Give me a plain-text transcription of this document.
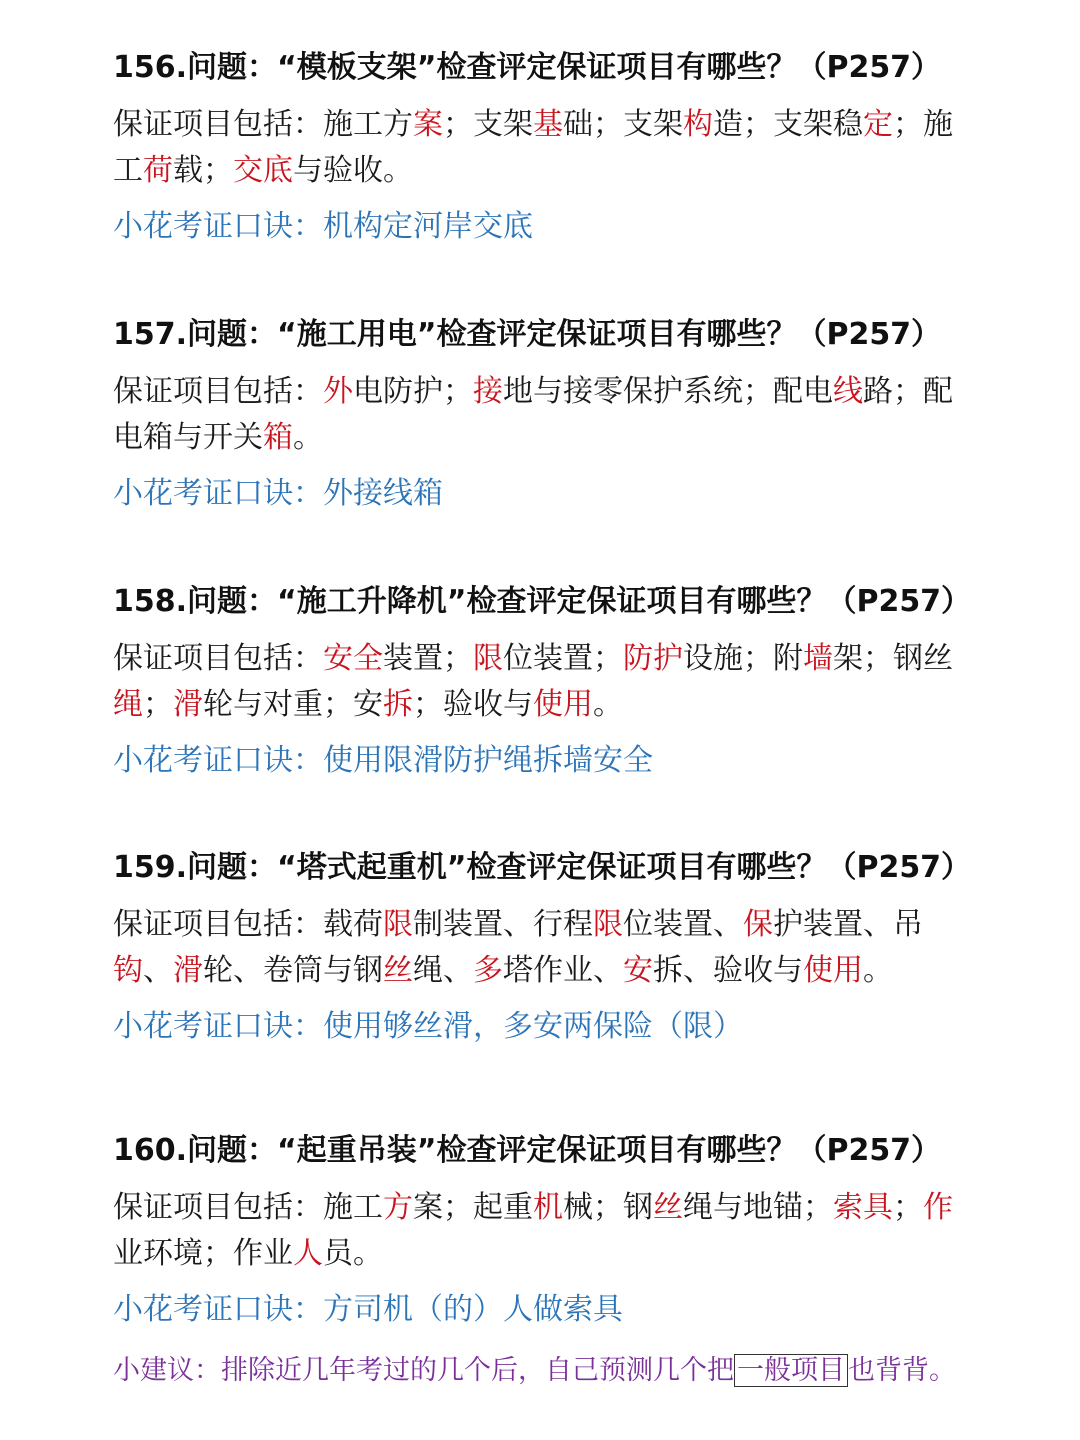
156.问题：“模板支架”检查评定保证项目有哪些？（P257）
保证项目包括：施工方案；支架基础；支架构造；支架稳定；施工荷载；交底与验收。
小花考证口诀：机构定河岸交底
157.问题：“施工用电”检查评定保证项目有哪些？（P257）
保证项目包括：外电防护；接地与接零保护系统；配电线路；配电箱与开关箱。
小花考证口诀：外接线箱
158.问题：“施工升降机”检查评定保证项目有哪些？（P257）
保证项目包括：安全装置；限位装置；防护设施；附墙架；钢丝绳；滑轮与对重；安拆；验收与使用。
小花考证口诀：使用限滑防护绳拆墙安全
159.问题：“塔式起重机”检查评定保证项目有哪些？（P257）
保证项目包括：载荷限制装置、行程限位装置、保护装置、吊钩、滑轮、卷筒与钢丝绳、多塔作业、安拆、验收与使用。
小花考证口诀：使用够丝滑，多安两保险（限）
160.问题：“起重吊装”检查评定保证项目有哪些？（P257）
保证项目包括：施工方案；起重机械；钢丝绳与地锚；索具；作业环境；作业人员。
小花考证口诀：方司机（的）人做索具
小建议：排除近几年考过的几个后，自己预测几个把 一般项目 也背背。
